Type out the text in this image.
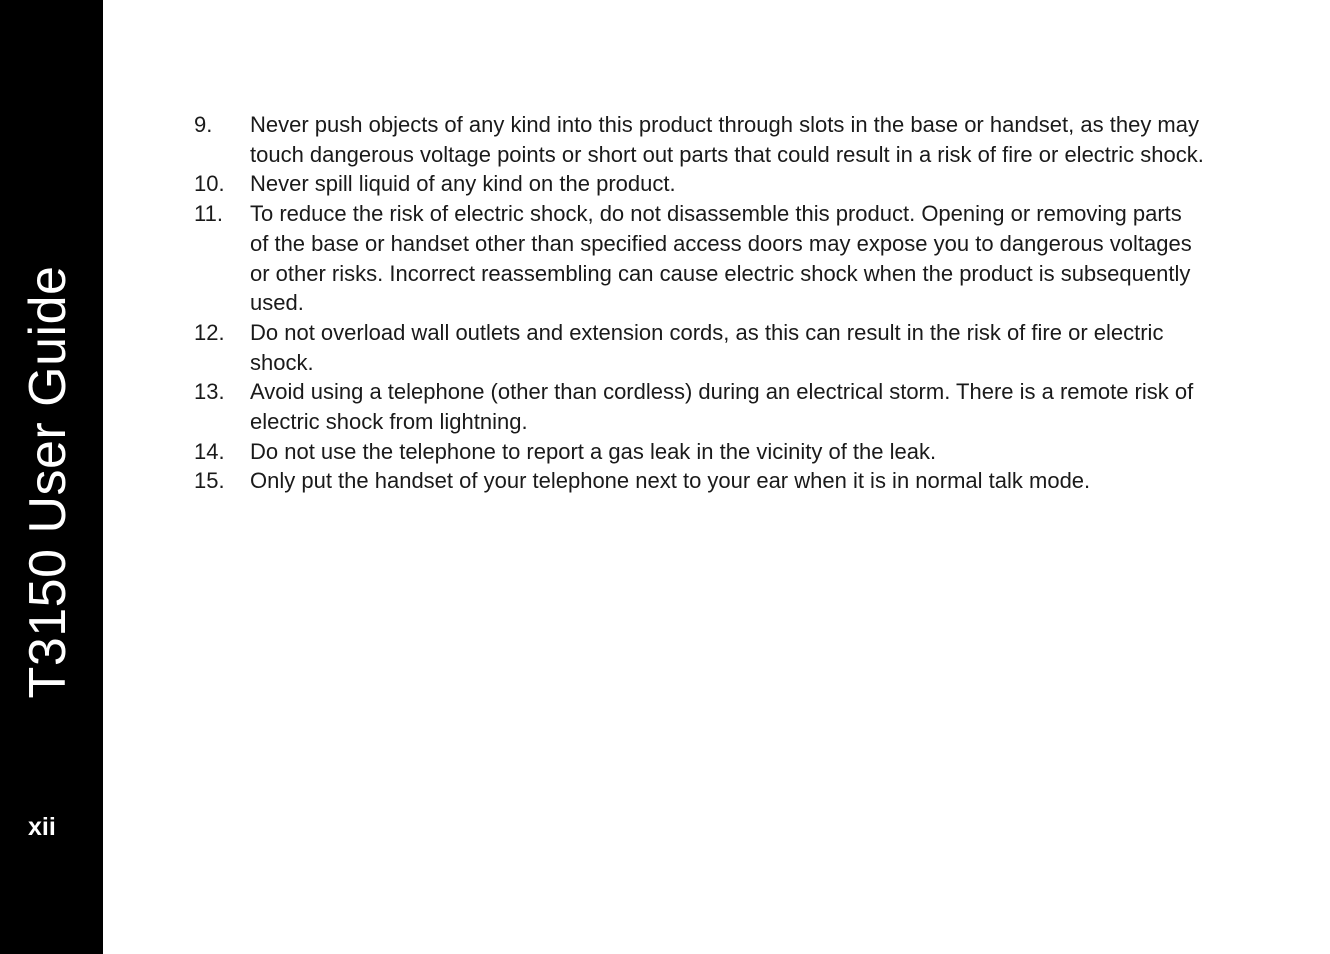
T3150 User Guide
xii
9.	Never push objects of any kind into this product through slots in the base or handset, as they may touch dangerous voltage points or short out parts that could result in a risk of fire or electric shock.
10.	Never spill liquid of any kind on the product.
11.	To reduce the risk of electric shock, do not disassemble this product. Opening or removing parts of the base or handset other than specified access doors may expose you to dangerous voltages or other risks. Incorrect reassembling can cause electric shock when the product is subsequently used.
12.	Do not overload wall outlets and extension cords, as this can result in the risk of fire or electric shock.
13.	Avoid using a telephone (other than cordless) during an electrical storm. There is a remote risk of electric shock from lightning.
14.	Do not use the telephone to report a gas leak in the vicinity of the leak.
15.	Only put the handset of your telephone next to your ear when it is in normal talk mode.
